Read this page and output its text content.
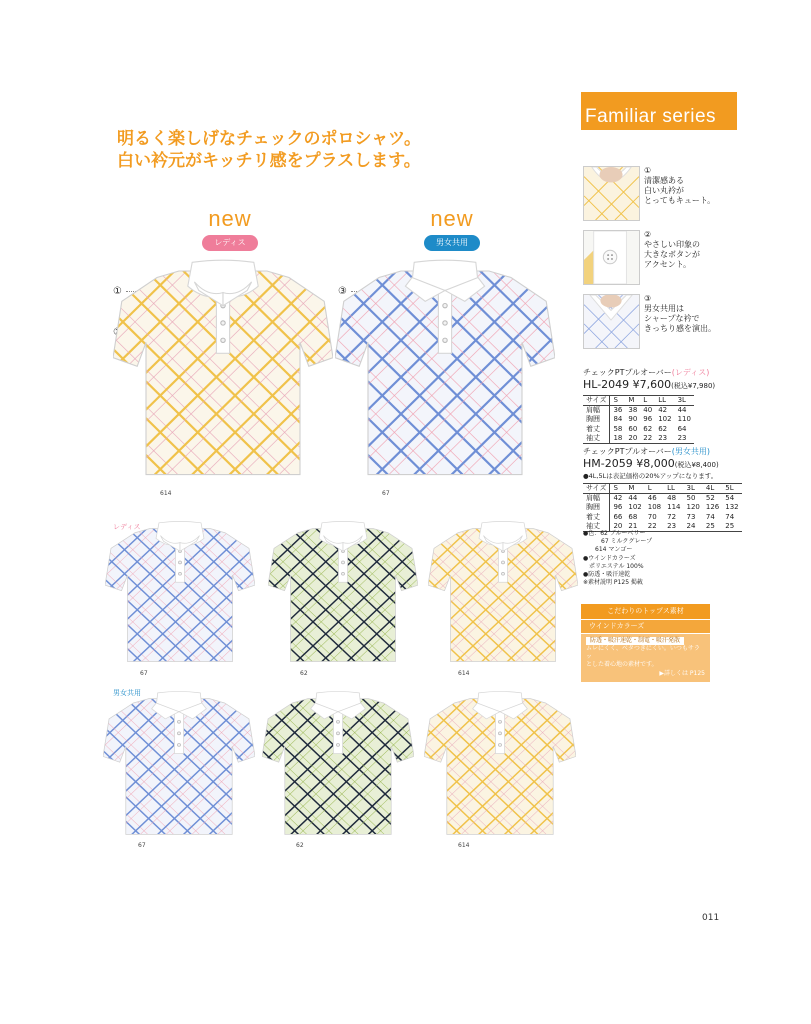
Familiar series
明るく楽しげなチェックのポロシャツ。
白い衿元がキッチリ感をプラスします。
new
レディス
new
男女共用
①	③
614	67
レディス
67	62	614
男女共用
67	62	614
①
清潔感ある
白い丸衿が
とってもキュート。
②
やさしい印象の
大きなボタンが
アクセント。
③
男女共用は
シャープな衿で
きっちり感を演出。
チェックPTプルオーバー(レディス)
HL-2049 ¥7,600(税込¥7,980)
サイズ	S	M	L	LL	3L
肩幅	36	38	40	42	44
胸囲	84	90	96	102	110
着丈	58	60	62	62	64
袖丈	18	20	22	23	23
チェックPTプルオーバー(男女共用)
HM-2059 ¥8,000(税込¥8,400)
●4L,5Lは表記価格の20%アップになります。
サイズ	S	M	L	LL	3L	4L	5L
肩幅	42	44	46	48	50	52	54
胸囲	96	102	108	114	120	126	132
着丈	66	68	70	72	73	74	74
袖丈	20	21	22	23	24	25	25
●色：62 ブルーベリー
　　　67 ミルクグレープ
　　614 マンゴー
●ウインドカラーズ
　ポリエステル 100%
●防透・吸汗速乾
※素材説明 P125 掲載
こだわりのトップス素材
ウインドカラーズ
防透・吸汗速乾・制電・吸汗発散
ムレにくく、ベタつきにくい。いつもサラッ
とした着心地の素材です。
▶詳しくは P125
011
